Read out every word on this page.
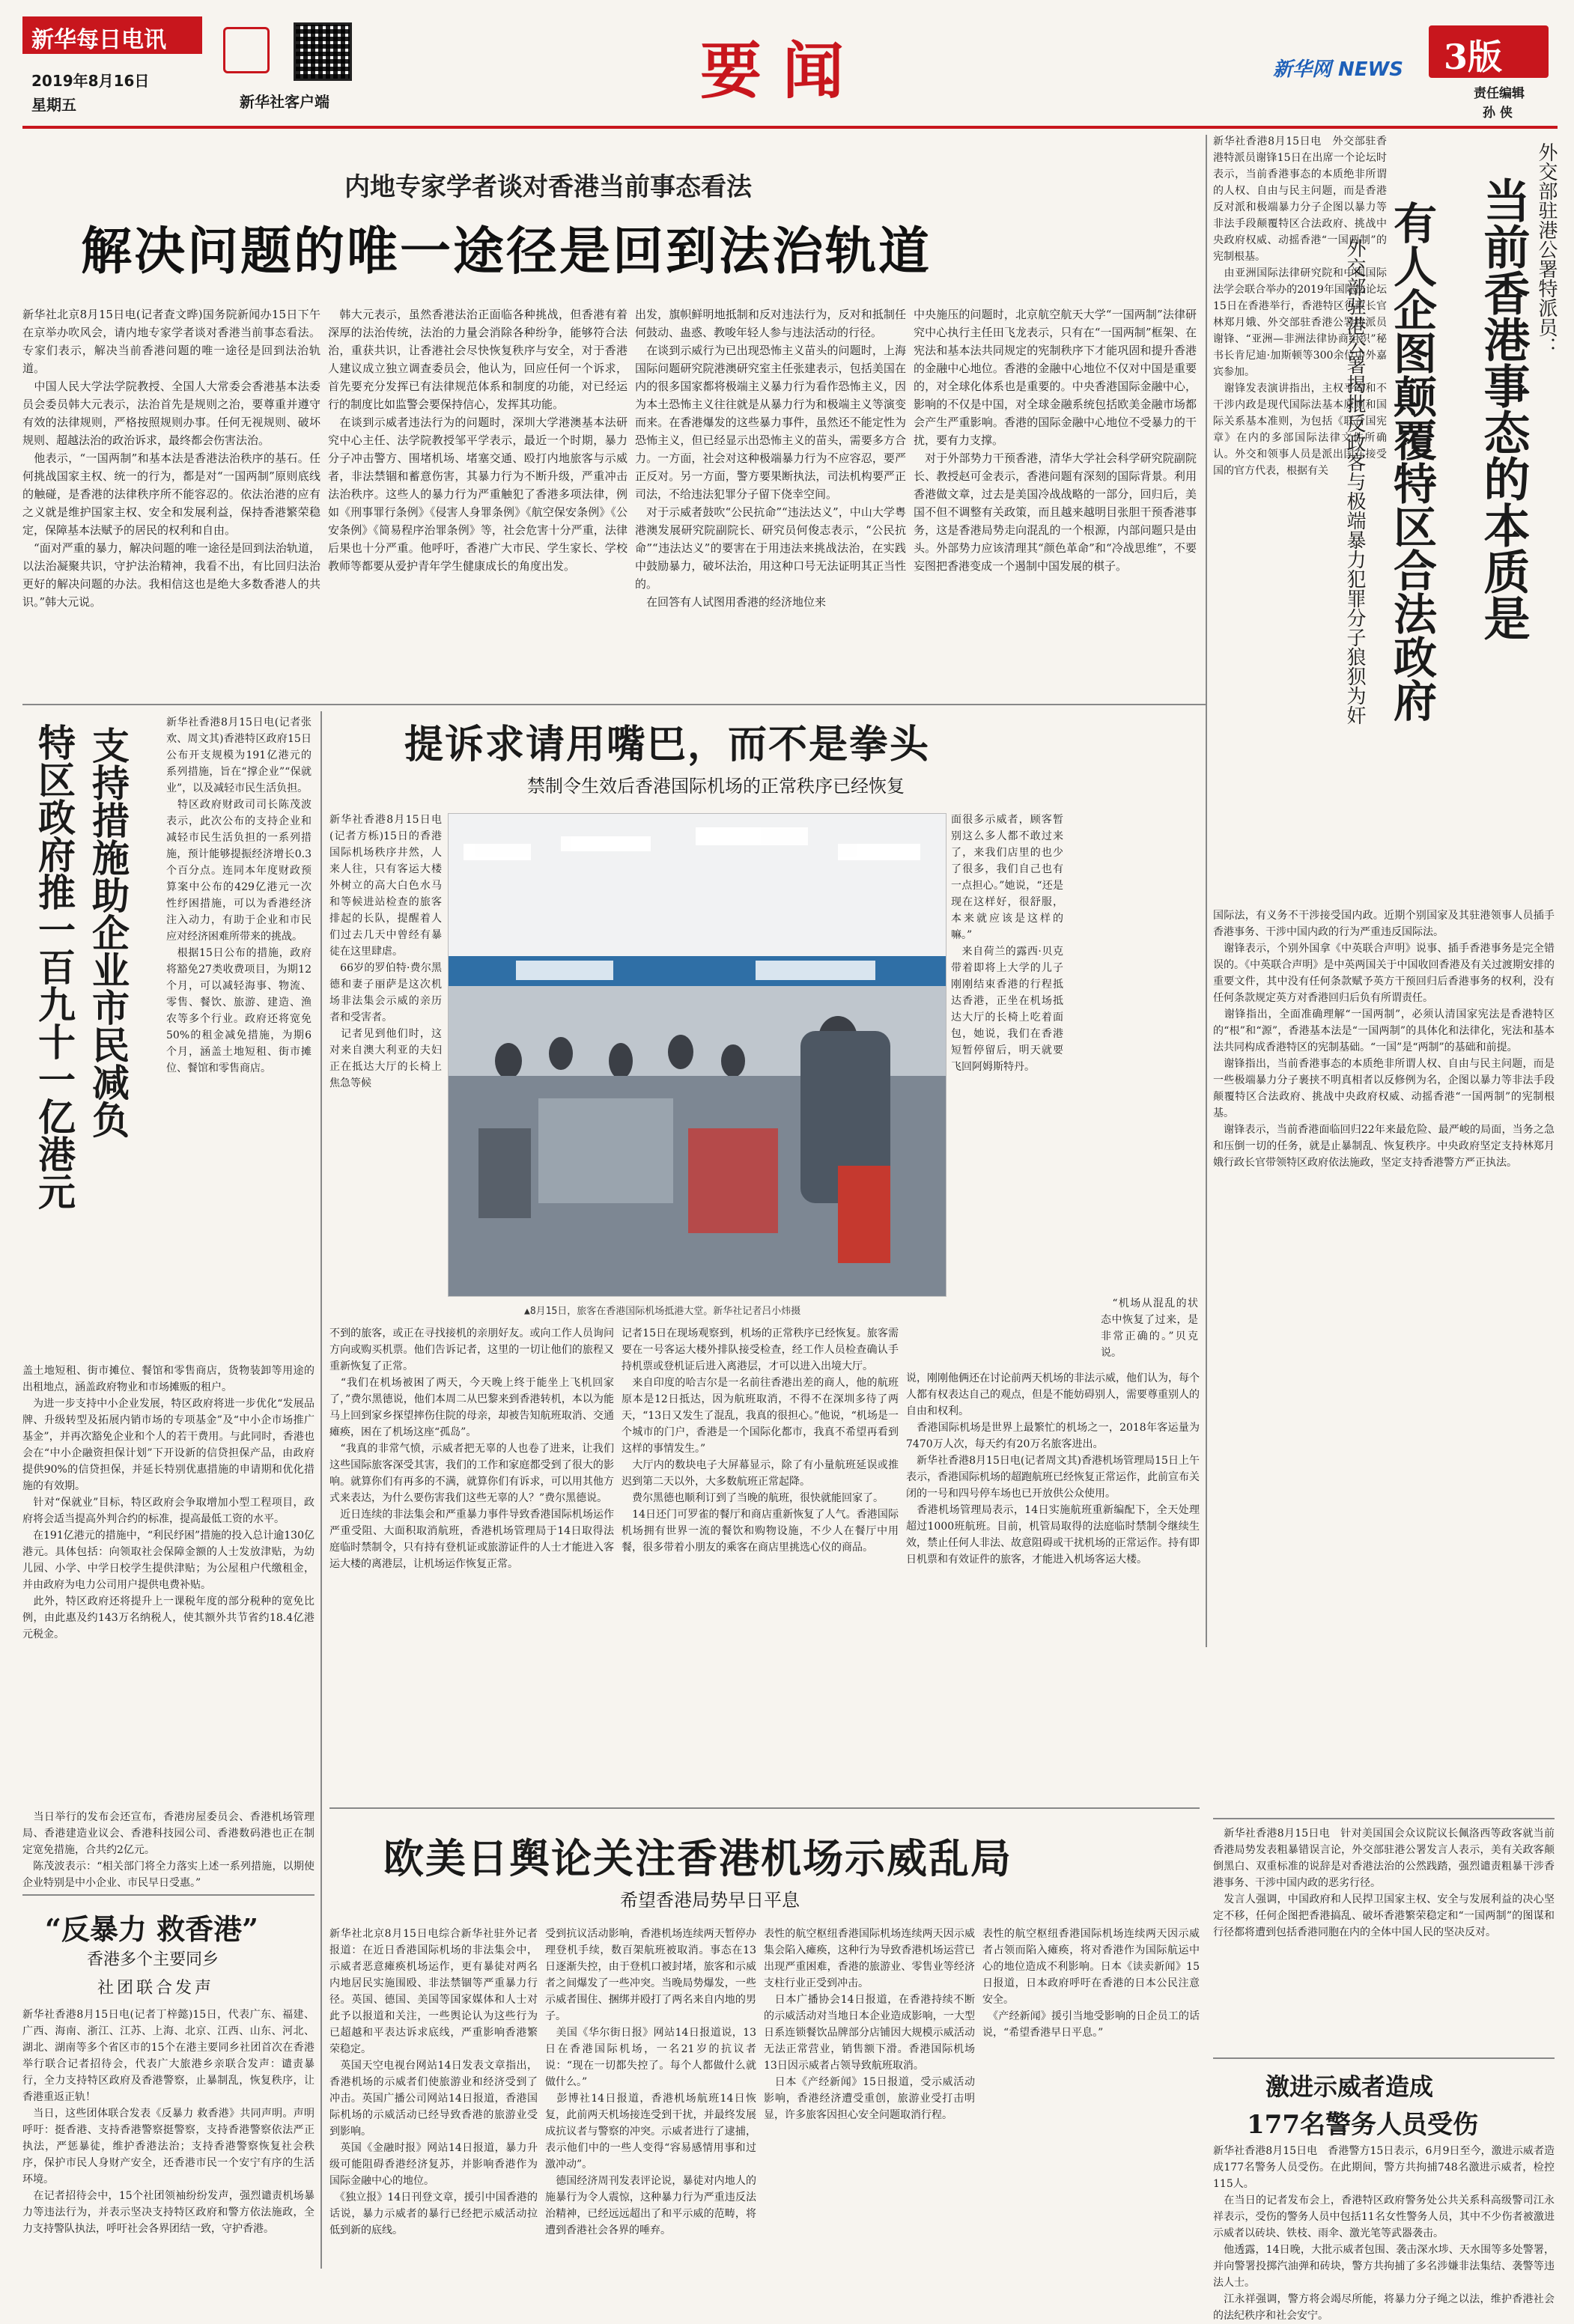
新华每日电讯
2019年8月16日
星期五	新华社客户端	要闻	新华网 NEWS 3版
责任编辑
孙 侠
内地专家学者谈对香港当前事态看法
解决问题的唯一途径是回到法治轨道
新华社北京8月15日电(记者査文晔)国务院新闻办15日下午在京举办吹风会，请内地专家学者谈对香港当前事态看法。专家们表示，解决当前香港问题的唯一途径是回到法治轨道。
　中国人民大学法学院教授、全国人大常委会香港基本法委员会委员韩大元表示，法治首先是规则之治，要尊重并遵守有效的法律规则，严格按照规则办事。任何无视规则、破坏规则、超越法治的政治诉求，最终都会伤害法治。
　他表示，“一国两制”和基本法是香港法治秩序的基石。任何挑战国家主权、统一的行为，都是对“一国两制”原则底线的触碰，是香港的法律秩序所不能容忍的。依法治港的应有之义就是维护国家主权、安全和发展利益，保持香港繁荣稳定，保障基本法赋予的居民的权利和自由。
　“面对严重的暴力，解决问题的唯一途径是回到法治轨道，以法治凝聚共识，守护法治精神，我看不出，有比回归法治更好的解决问题的办法。我相信这也是绝大多数香港人的共识。”韩大元说。
　韩大元表示，虽然香港法治正面临各种挑战，但香港有着深厚的法治传统，法治的力量会消除各种纷争，能够符合法治，重获共识，让香港社会尽快恢复秩序与安全，对于香港人建议成立独立调查委员会，他认为，回应任何一个诉求，首先要充分发挥已有法律规范体系和制度的功能，对已经运行的制度比如监警会要保持信心，发挥其功能。
　在谈到示威者违法行为的问题时，深圳大学港澳基本法研究中心主任、法学院教授邹平学表示，最近一个时期，暴力分子冲击警方、围堵机场、堵塞交通、殴打内地旅客与示威者，非法禁锢和蓄意伤害，其暴力行为不断升级，严重冲击法治秩序。这些人的暴力行为严重触犯了香港多项法律，例如《刑事罪行条例》《侵害人身罪条例》《航空保安条例》《公安条例》《简易程序治罪条例》等，社会危害十分严重，法律后果也十分严重。他呼吁，香港广大市民、学生家长、学校教师等都要从爱护青年学生健康成长的角度出发。
出发，旗帜鲜明地抵制和反对违法行为，反对和抵制任何鼓动、蛊惑、教唆年轻人参与违法活动的行径。
　在谈到示威行为已出现恐怖主义苗头的问题时，上海国际问题研究院港澳研究室主任张建表示，包括美国在内的很多国家都将极端主义暴力行为看作恐怖主义，因为本土恐怖主义往往就是从暴力行为和极端主义等演变而来。在香港爆发的这些暴力事件，虽然还不能定性为恐怖主义，但已经显示出恐怖主义的苗头，需要多方合力。一方面，社会对这种极端暴力行为不应容忍，要严正反对。另一方面，警方要果断执法，司法机构要严正司法，不给违法犯罪分子留下侥幸空间。
　对于示威者鼓吹“公民抗命”“违法达义”，中山大学粤港澳发展研究院副院长、研究员何俊志表示，“公民抗命”“违法达义”的要害在于用违法来挑战法治，在实践中鼓励暴力，破坏法治，用这种口号无法证明其正当性的。
　在回答有人试图用香港的经济地位来
中央施压的问题时，北京航空航天大学“一国两制”法律研究中心执行主任田飞龙表示，只有在“一国两制”框架、在宪法和基本法共同规定的宪制秩序下才能巩固和提升香港的金融中心地位。香港的金融中心地位不仅对中国是重要的，对全球化体系也是重要的。中央香港国际金融中心，影响的不仅是中国，对全球金融系统包括欧美金融市场都会产生严重影响。香港的国际金融中心地位不受暴力的干扰，要有力支撑。
　对于外部势力干预香港，清华大学社会科学研究院副院长、教授赵可金表示，香港问题有深刻的国际背景。利用香港做文章，过去是美国冷战战略的一部分，回归后，美国不但不调整有关政策，而且越来越明目张胆干预香港事务，这是香港局势走向混乱的一个根源，内部问题只是由头。外部势力应该清理其“颜色革命”和“冷战思维”，不要妄图把香港变成一个遏制中国发展的棋子。
新华社香港8月15日电　外交部驻香港特派员谢锋15日在出席一个论坛时表示，当前香港事态的本质绝非所谓的人权、自由与民主问题，而是香港反对派和极端暴力分子企图以暴力等非法手段颠覆特区合法政府、挑战中央政府权威、动摇香港“一国两制”的宪制根基。
　由亚洲国际法律研究院和中国国际法学会联合举办的2019年国际法论坛15日在香港举行，香港特区行政长官林郑月娥、外交部驻香港公署特派员谢锋、“亚洲—非洲法律协商组织”秘书长肯尼迪·加斯顿等300余位中外嘉宾参加。
　谢锋发表演讲指出，主权平等和不干涉内政是现代国际法基本原则和国际关系基本准则，为包括《联合国宪章》在内的多部国际法律文件所确认。外交和领事人员是派出国在接受国的官方代表，根据有关	当前香港事态的本质是
有人企图颠覆特区合法政府	外交部驻港公署特派员：
外交部驻港公署揭批反政客与极端暴力犯罪分子狼狈为奸
国际法，有义务不干涉接受国内政。近期个别国家及其驻港领事人员插手香港事务、干涉中国内政的行为严重违反国际法。
　谢锋表示，个别外国拿《中英联合声明》说事、插手香港事务是完全错误的。《中英联合声明》是中英两国关于中国收回香港及有关过渡期安排的重要文件，其中没有任何条款赋予英方干预回归后香港事务的权利，没有任何条款规定英方对香港回归后负有所谓责任。
　谢锋指出，全面准确理解“一国两制”，必须认清国家宪法是香港特区的“根”和“源”，香港基本法是“一国两制”的具体化和法律化，宪法和基本法共同构成香港特区的宪制基础。“一国”是“两制”的基础和前提。
　谢锋指出，当前香港事态的本质绝非所谓人权、自由与民主问题，而是一些极端暴力分子裹挟不明真相者以反修例为名，企图以暴力等非法手段颠覆特区合法政府、挑战中央政府权威、动摇香港“一国两制”的宪制根基。
　谢锋表示，当前香港面临回归22年来最危险、最严峻的局面，当务之急和压倒一切的任务，就是止暴制乱、恢复秩序。中央政府坚定支持林郑月娥行政长官带领特区政府依法施政，坚定支持香港警方严正执法。
　新华社香港8月15日电　针对美国国会众议院议长佩洛西等政客就当前香港局势发表粗暴错误言论，外交部驻港公署发言人表示，美有关政客颠倒黑白、双重标准的说辞是对香港法治的公然践踏，强烈谴责粗暴干涉香港事务、干涉中国内政的恶劣行径。
　发言人强调，中国政府和人民捍卫国家主权、安全与发展利益的决心坚定不移，任何企图把香港搞乱、破坏香港繁荣稳定和“一国两制”的图谋和行径都将遭到包括香港同胞在内的全体中国人民的坚决反对。
激进示威者造成
177名警务人员受伤
新华社香港8月15日电　香港警方15日表示，6月9日至今，激进示威者造成177名警务人员受伤。在此期间，警方共拘捕748名激进示威者，检控115人。
　在当日的记者发布会上，香港特区政府警务处公共关系科高级警司江永祥表示，受伤的警务人员中包括11名女性警务人员，其中不少伤者被激进示威者以砖块、铁枝、雨伞、激光笔等武器袭击。
　他透露，14日晚，大批示威者包围、袭击深水埗、天水围等多处警署，并向警署投掷汽油弹和砖块，警方共拘捕了多名涉嫌非法集结、袭警等违法人士。
　江永祥强调，警方将会竭尽所能，将暴力分子绳之以法，维护香港社会的法纪秩序和社会安宁。
支持措施助企业市民减负
特区政府推一百九十一亿港元
新华社香港8月15日电(记者张欢、周文其)香港特区政府15日公布开支规模为191亿港元的系列措施，旨在“撑企业”“保就业”，以及减轻市民生活负担。
　特区政府财政司司长陈茂波表示，此次公布的支持企业和减轻市民生活负担的一系列措施，预计能够提振经济增长0.3个百分点。连同本年度财政预算案中公布的429亿港元一次性纾困措施，可以为香港经济注入动力，有助于企业和市民应对经济困难所带来的挑战。
　根据15日公布的措施，政府将豁免27类收费项目，为期12个月，可以减轻海事、物流、零售、餐饮、旅游、建造、渔农等多个行业。政府还将宽免50%的租金减免措施，为期6个月，涵盖土地短租、街市摊位、餐馆和零售商店。
盖土地短租、街市摊位、餐馆和零售商店，货物装卸等用途的出租地点，涵盖政府物业和市场摊贩的租户。
　为进一步支持中小企业发展，特区政府将进一步优化“发展品牌、升级转型及拓展内销市场的专项基金”及“中小企市场推广基金”，并再次豁免企业和个人的若干费用。与此同时，香港也会在“中小企融资担保计划”下开设新的信贷担保产品，由政府提供90%的信贷担保，并延长特别优惠措施的申请期和优化措施的有效期。
　针对“保就业”目标，特区政府会争取增加小型工程项目，政府将会适当提高外判合约的标准，提高最低工资的水平。
　在191亿港元的措施中，“利民纾困”措施的投入总计逾130亿港元。具体包括：向领取社会保障金额的人士发放津贴，为幼儿园、小学、中学日校学生提供津贴；为公屋租户代缴租金，并由政府为电力公司用户提供电费补贴。
　此外，特区政府还将提升上一课税年度的部分税种的宽免比例，由此惠及约143万名纳税人，使其额外共节省约18.4亿港元税金。
　当日举行的发布会还宣布，香港房屋委员会、香港机场管理局、香港建造业议会、香港科技园公司、香港数码港也正在制定宽免措施，合共约2亿元。
　陈茂波表示：“相关部门将全力落实上述一系列措施，以期使企业特别是中小企业、市民早日受惠。”
“反暴力 救香港”
香港多个主要同乡
社团联合发声
新华社香港8月15日电(记者丁梓懿)15日，代表广东、福建、广西、海南、浙江、江苏、上海、北京、江西、山东、河北、湖北、湖南等多个省区市的15个在港主要同乡社团首次在香港举行联合记者招待会，代表广大旅港乡亲联合发声：谴责暴行，全力支持特区政府及香港警察，止暴制乱，恢复秩序，让香港重返正轨！
　当日，这些团体联合发表《反暴力 救香港》共同声明。声明呼吁：挺香港、支持香港警察挺警察，支持香港警察依法严正执法，严惩暴徒，维护香港法治；支持香港警察恢复社会秩序，保护市民人身财产安全，还香港市民一个安宁有序的生活环境。
　在记者招待会中，15个社团领袖纷纷发声，强烈谴责机场暴力等违法行为，并表示坚决支持特区政府和警方依法施政，全力支持警队执法，呼吁社会各界团结一致，守护香港。
提诉求请用嘴巴，而不是拳头
禁制令生效后香港国际机场的正常秩序已经恢复
新华社香港8月15日电(记者方栎)15日的香港国际机场秩序井然，人来人往，只有客运大楼外树立的高大白色水马和等候进站检查的旅客排起的长队，提醒着人们过去几天中曾经有暴徒在这里肆虐。
　66岁的罗伯特·费尔黑德和妻子丽萨是这次机场非法集会示威的亲历者和受害者。
　记者见到他们时，这对来自澳大利亚的夫妇正在抵达大厅的长椅上焦急等候
▲8月15日，旅客在香港国际机场抵港大堂。新华社记者吕小炜摄
面很多示威者，顾客暂别这么多人都不敢过来了，来我们店里的也少了很多，我们自己也有一点担心。”她说，“还是现在这样好，很舒服，本来就应该是这样的嘛。”
　来自荷兰的露西·贝克带着即将上大学的儿子刚刚结束香港的行程抵达香港，正坐在机场抵达大厅的长椅上吃着面包，她说，我们在香港短暂停留后，明天就要飞回阿姆斯特丹。
　“机场从混乱的状态中恢复了过来，是非常正确的。”贝克说。
不到的旅客，或正在寻找接机的亲朋好友。或向工作人员询问方向或购买机票。他们告诉记者，这里的一切让他们的旅程又重新恢复了正常。
　“我们在机场被困了两天，今天晚上终于能坐上飞机回家了，”费尔黑德说，他们本周二从巴黎来到香港转机，本以为能马上回到家乡探望摔伤住院的母亲，却被告知航班取消、交通瘫痪，困在了机场这座“孤岛”。
　“我真的非常气愤，示威者把无辜的人也卷了进来，让我们这些国际旅客深受其害，我们的工作和家庭都受到了很大的影响。就算你们有再多的不满，就算你们有诉求，可以用其他方式来表达，为什么要伤害我们这些无辜的人？”费尔黑德说。
　近日连续的非法集会和严重暴力事件导致香港国际机场运作严重受阻、大面积取消航班，香港机场管理局于14日取得法庭临时禁制令，只有持有登机证或旅游证件的人士才能进入客运大楼的离港层，让机场运作恢复正常。
记者15日在现场观察到，机场的正常秩序已经恢复。旅客需要在一号客运大楼外排队接受检查，经工作人员检查确认手持机票或登机证后进入离港层，才可以进入出境大厅。
　来自印度的哈吉尔是一名前往香港出差的商人，他的航班原本是12日抵达，因为航班取消，不得不在深圳多待了两天，“13日又发生了混乱，我真的很担心。”他说，“机场是一个城市的门户，香港是一个国际化都市，我真不希望再看到这样的事情发生。”
　大厅内的数块电子大屏幕显示，除了有小量航班延误或推迟到第二天以外，大多数航班正常起降。
　费尔黑德也顺利订到了当晚的航班，很快就能回家了。
　14日还门可罗雀的餐厅和商店重新恢复了人气。香港国际机场拥有世界一流的餐饮和购物设施，不少人在餐厅中用餐，很多带着小朋友的乘客在商店里挑选心仪的商品。
说，刚刚他俩还在讨论前两天机场的非法示威，他们认为，每个人都有权表达自己的观点，但是不能妨碍别人，需要尊重别人的自由和权利。
　香港国际机场是世界上最繁忙的机场之一，2018年客运量为7470万人次，每天约有20万名旅客进出。
　新华社香港8月15日电(记者周文其)香港机场管理局15日上午表示，香港国际机场的超跑航班已经恢复正常运作，此前宣布关闭的一号和四号停车场也已开放供公众使用。
　香港机场管理局表示，14日实施航班重新编配下，全天处理超过1000班航班。目前，机管局取得的法庭临时禁制令继续生效，禁止任何人非法、故意阻碍或干扰机场的正常运作。持有即日机票和有效证件的旅客，才能进入机场客运大楼。
欧美日舆论关注香港机场示威乱局
希望香港局势早日平息
新华社北京8月15日电综合新华社驻外记者报道：在近日香港国际机场的非法集会中，示威者恶意瘫痪机场运作，更有暴徒对两名内地居民实施围殴、非法禁锢等严重暴力行径。英国、德国、美国等国家媒体和人士对此予以报道和关注，一些舆论认为这些行为已超越和平表达诉求底线，严重影响香港繁荣稳定。
　英国天空电视台网站14日发表文章指出，香港机场的示威者们使旅游业和经济受到了冲击。英国广播公司网站14日报道，香港国际机场的示威活动已经导致香港的旅游业受到影响。
　英国《金融时报》网站14日报道，暴力升级可能阻碍香港经济复苏，并影响香港作为国际金融中心的地位。
　《独立报》14日刊登文章，援引中国香港的话说，暴力示威者的暴行已经把示威活动拉低到新的底线。
受到抗议活动影响，香港机场连续两天暂停办理登机手续，数百架航班被取消。事态在13日逐渐失控，由于登机口被封堵，旅客和示威者之间爆发了一些冲突。当晚局势爆发，一些示威者围住、捆绑并殴打了两名来自内地的男子。
　美国《华尔街日报》网站14日报道说，13日在香港国际机场，一名21岁的抗议者说：“现在一切都失控了。每个人都做什么就做什么。”
　彭博社14日报道，香港机场航班14日恢复，此前两天机场接连受到干扰，并最终发展成抗议者与警察的冲突。示威者进行了逮捕，表示他们中的一些人变得“容易感情用事和过激冲动”。
　德国经济周刊发表评论说，暴徒对内地人的施暴行为令人震惊，这种暴力行为严重违反法治精神，已经远远超出了和平示威的范畴，将遭到香港社会各界的唾弃。
表性的航空枢纽香港国际机场连续两天因示威集会陷入瘫痪，这种行为导致香港机场运营已出现严重困难，香港的旅游业、零售业等经济支柱行业正受到冲击。
　日本广播协会14日报道，在香港持续不断的示威活动对当地日本企业造成影响，一大型日系连锁餐饮品牌部分店铺因大规模示威活动无法正常营业，销售额下滑。香港国际机场13日因示威者占领导致航班取消。
　日本《产经新闻》15日报道，受示威活动影响，香港经济遭受重创，旅游业受打击明显，许多旅客因担心安全问题取消行程。
表性的航空枢纽香港国际机场连续两天因示威者占领而陷入瘫痪，将对香港作为国际航运中心的地位造成不利影响。日本《读卖新闻》15日报道，日本政府呼吁在香港的日本公民注意安全。
　《产经新闻》援引当地受影响的日企员工的话说，“希望香港早日平息。”
